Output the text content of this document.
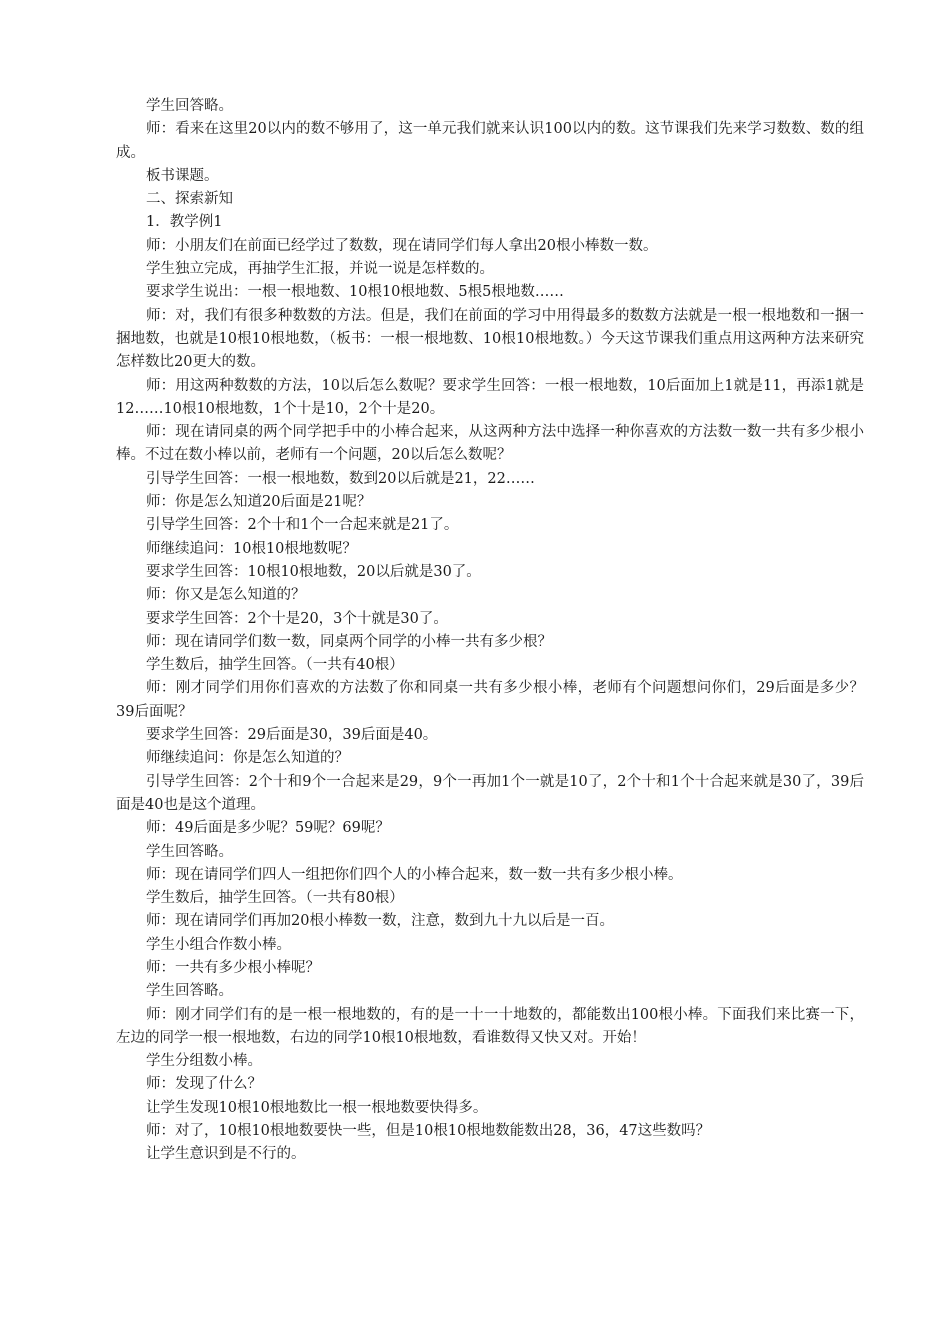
学生回答略。

师：看来在这里20以内的数不够用了，这一单元我们就来认识100以内的数。这节课我们先来学习数数、数的组成。

板书课题。

二、探索新知

1．教学例1

师：小朋友们在前面已经学过了数数，现在请同学们每人拿出20根小棒数一数。

学生独立完成，再抽学生汇报，并说一说是怎样数的。

要求学生说出：一根一根地数、10根10根地数、5根5根地数……

师：对，我们有很多种数数的方法。但是，我们在前面的学习中用得最多的数数方法就是一根一根地数和一捆一捆地数，也就是10根10根地数，（板书：一根一根地数、10根10根地数。）今天这节课我们重点用这两种方法来研究怎样数比20更大的数。

师：用这两种数数的方法，10以后怎么数呢？要求学生回答：一根一根地数，10后面加上1就是11，再添1就是12……10根10根地数，1个十是10，2个十是20。

师：现在请同桌的两个同学把手中的小棒合起来，从这两种方法中选择一种你喜欢的方法数一数一共有多少根小棒。不过在数小棒以前，老师有一个问题，20以后怎么数呢？

引导学生回答：一根一根地数，数到20以后就是21，22……

师：你是怎么知道20后面是21呢？

引导学生回答：2个十和1个一合起来就是21了。

师继续追问：10根10根地数呢？

要求学生回答：10根10根地数，20以后就是30了。

师：你又是怎么知道的？

要求学生回答：2个十是20，3个十就是30了。

师：现在请同学们数一数，同桌两个同学的小棒一共有多少根？

学生数后，抽学生回答。（一共有40根）

师：刚才同学们用你们喜欢的方法数了你和同桌一共有多少根小棒，老师有个问题想问你们，29后面是多少？39后面呢？

要求学生回答：29后面是30，39后面是40。

师继续追问：你是怎么知道的？

引导学生回答：2个十和9个一合起来是29，9个一再加1个一就是10了，2个十和1个十合起来就是30了，39后面是40也是这个道理。

师：49后面是多少呢？59呢？69呢？

学生回答略。

师：现在请同学们四人一组把你们四个人的小棒合起来，数一数一共有多少根小棒。

学生数后，抽学生回答。（一共有80根）

师：现在请同学们再加20根小棒数一数，注意，数到九十九以后是一百。

学生小组合作数小棒。

师：一共有多少根小棒呢？

学生回答略。

师：刚才同学们有的是一根一根地数的，有的是一十一十地数的，都能数出100根小棒。下面我们来比赛一下，左边的同学一根一根地数，右边的同学10根10根地数，看谁数得又快又对。开始！

学生分组数小棒。

师：发现了什么？

让学生发现10根10根地数比一根一根地数要快得多。

师：对了，10根10根地数要快一些，但是10根10根地数能数出28，36，47这些数吗？

让学生意识到是不行的。
